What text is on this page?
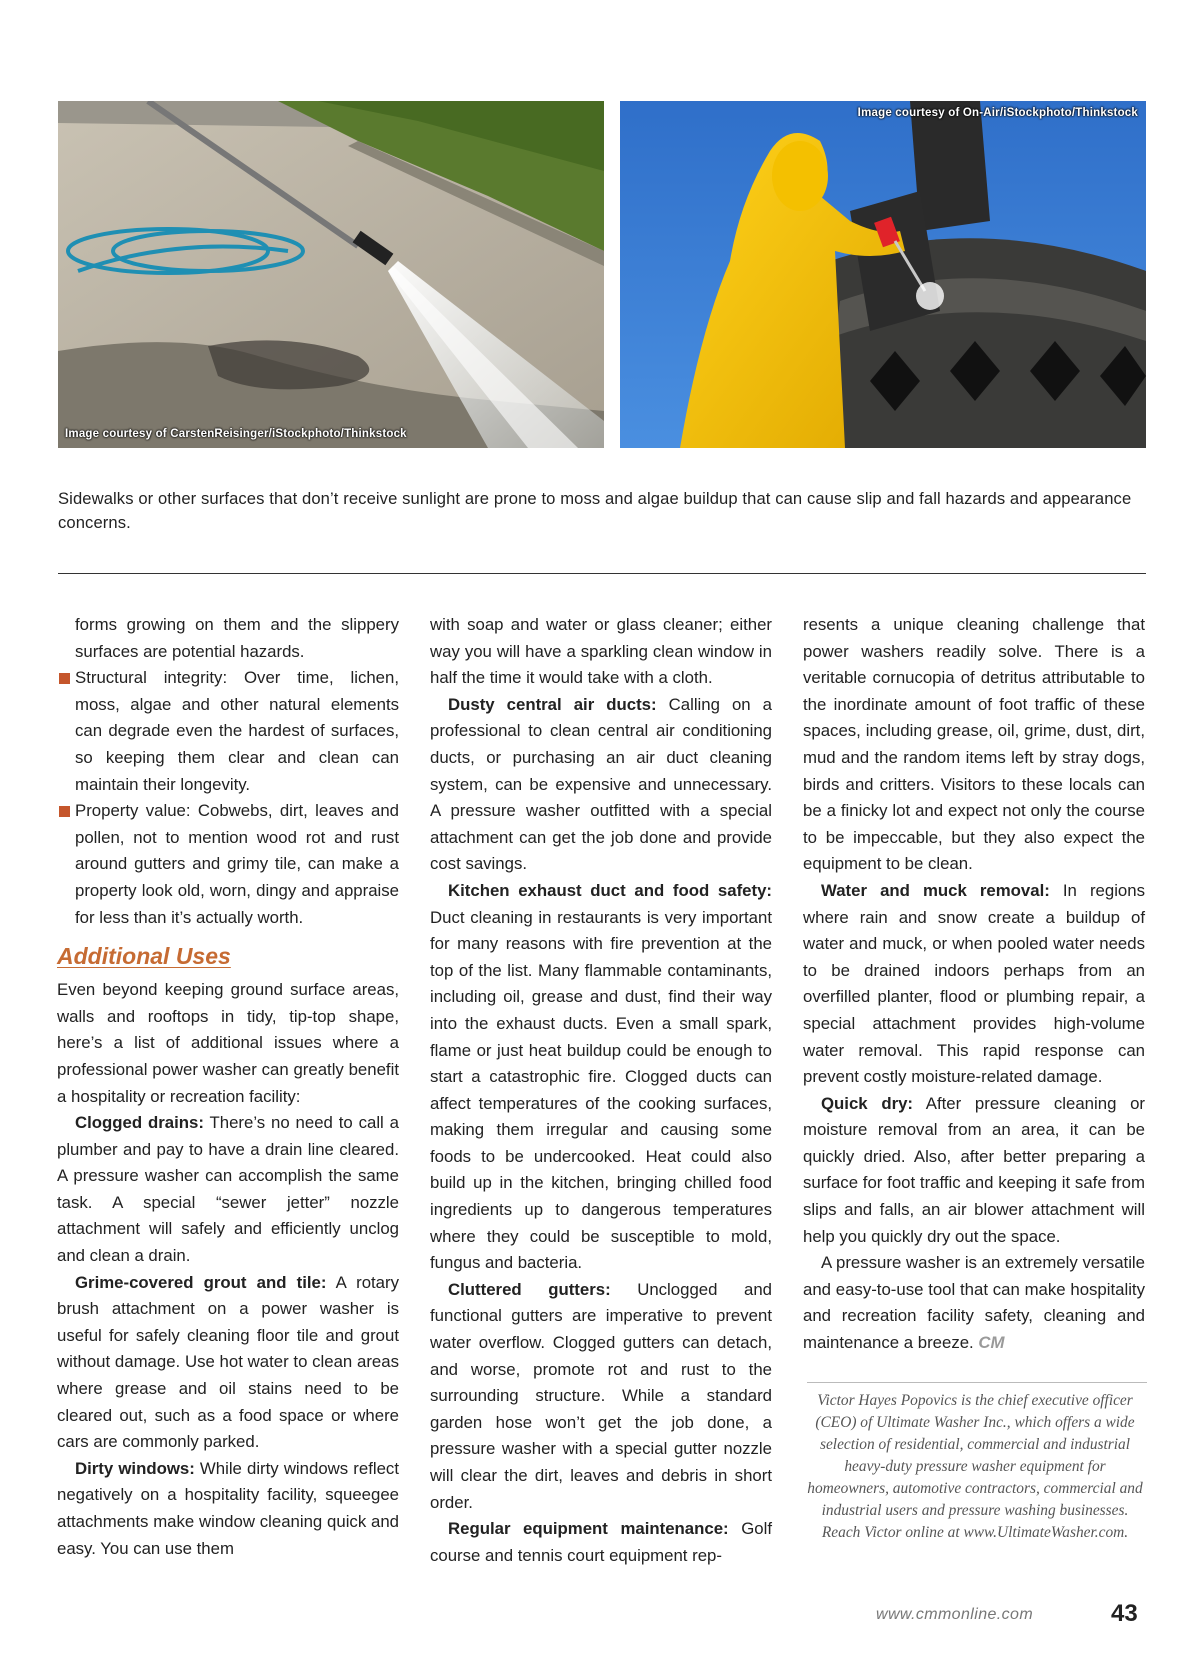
Image courtesy of CarstenReisinger/iStockphoto/Thinkstock
Image courtesy of On-Air/iStockphoto/Thinkstock
Sidewalks or other surfaces that don’t receive sunlight are prone to moss and algae buildup that can cause slip and fall hazards and appearance concerns.

forms growing on them and the slippery surfaces are potential hazards.

Structural integrity: Over time, lichen, moss, algae and other natural elements can degrade even the hardest of surfaces, so keeping them clear and clean can maintain their longevity.
Property value: Cobwebs, dirt, leaves and pollen, not to mention wood rot and rust around gutters and grimy tile, can make a property look old, worn, dingy and appraise for less than it’s actually worth.
Additional Uses

Even beyond keeping ground surface areas, walls and rooftops in tidy, tip-top shape, here’s a list of additional issues where a professional power washer can greatly benefit a hospitality or recreation facility:

Clogged drains: There’s no need to call a plumber and pay to have a drain line cleared. A pressure washer can accomplish the same task. A special “sewer jetter” nozzle attachment will safely and efficiently unclog and clean a drain.

Grime-covered grout and tile: A rotary brush attachment on a power washer is useful for safely cleaning floor tile and grout without damage. Use hot water to clean areas where grease and oil stains need to be cleared out, such as a food space or where cars are commonly parked.

Dirty windows: While dirty windows reflect negatively on a hospitality facility, squeegee attachments make window cleaning quick and easy. You can use them

with soap and water or glass cleaner; either way you will have a sparkling clean window in half the time it would take with a cloth.

Dusty central air ducts: Calling on a professional to clean central air conditioning ducts, or purchasing an air duct cleaning system, can be expensive and unnecessary. A pressure washer outfitted with a special attachment can get the job done and provide cost savings.

Kitchen exhaust duct and food safety: Duct cleaning in restaurants is very important for many reasons with fire prevention at the top of the list. Many flammable contaminants, including oil, grease and dust, find their way into the exhaust ducts. Even a small spark, flame or just heat buildup could be enough to start a catastrophic fire. Clogged ducts can affect temperatures of the cooking surfaces, making them irregular and causing some foods to be undercooked. Heat could also build up in the kitchen, bringing chilled food ingredients up to dangerous temperatures where they could be susceptible to mold, fungus and bacteria.

Cluttered gutters: Unclogged and functional gutters are imperative to prevent water overflow. Clogged gutters can detach, and worse, promote rot and rust to the surrounding structure. While a standard garden hose won’t get the job done, a pressure washer with a special gutter nozzle will clear the dirt, leaves and debris in short order.

Regular equipment maintenance: Golf course and tennis court equipment rep-

resents a unique cleaning challenge that power washers readily solve. There is a veritable cornucopia of detritus attributable to the inordinate amount of foot traffic of these spaces, including grease, oil, grime, dust, dirt, mud and the random items left by stray dogs, birds and critters. Visitors to these locals can be a finicky lot and expect not only the course to be impeccable, but they also expect the equipment to be clean.

Water and muck removal: In regions where rain and snow create a buildup of water and muck, or when pooled water needs to be drained indoors perhaps from an overfilled planter, flood or plumbing repair, a special attachment provides high-volume water removal. This rapid response can prevent costly moisture-related damage.

Quick dry: After pressure cleaning or moisture removal from an area, it can be quickly dried. Also, after better preparing a surface for foot traffic and keeping it safe from slips and falls, an air blower attachment will help you quickly dry out the space.

A pressure washer is an extremely versatile and easy-to-use tool that can make hospitality and recreation facility safety, cleaning and maintenance a breeze. CM

Victor Hayes Popovics is the chief executive officer (CEO) of Ultimate Washer Inc., which offers a wide selection of residential, commercial and industrial heavy-duty pressure washer equipment for homeowners, automotive contractors, commercial and industrial users and pressure washing businesses. Reach Victor online at www.UltimateWasher.com.
www.cmmonline.com	43
